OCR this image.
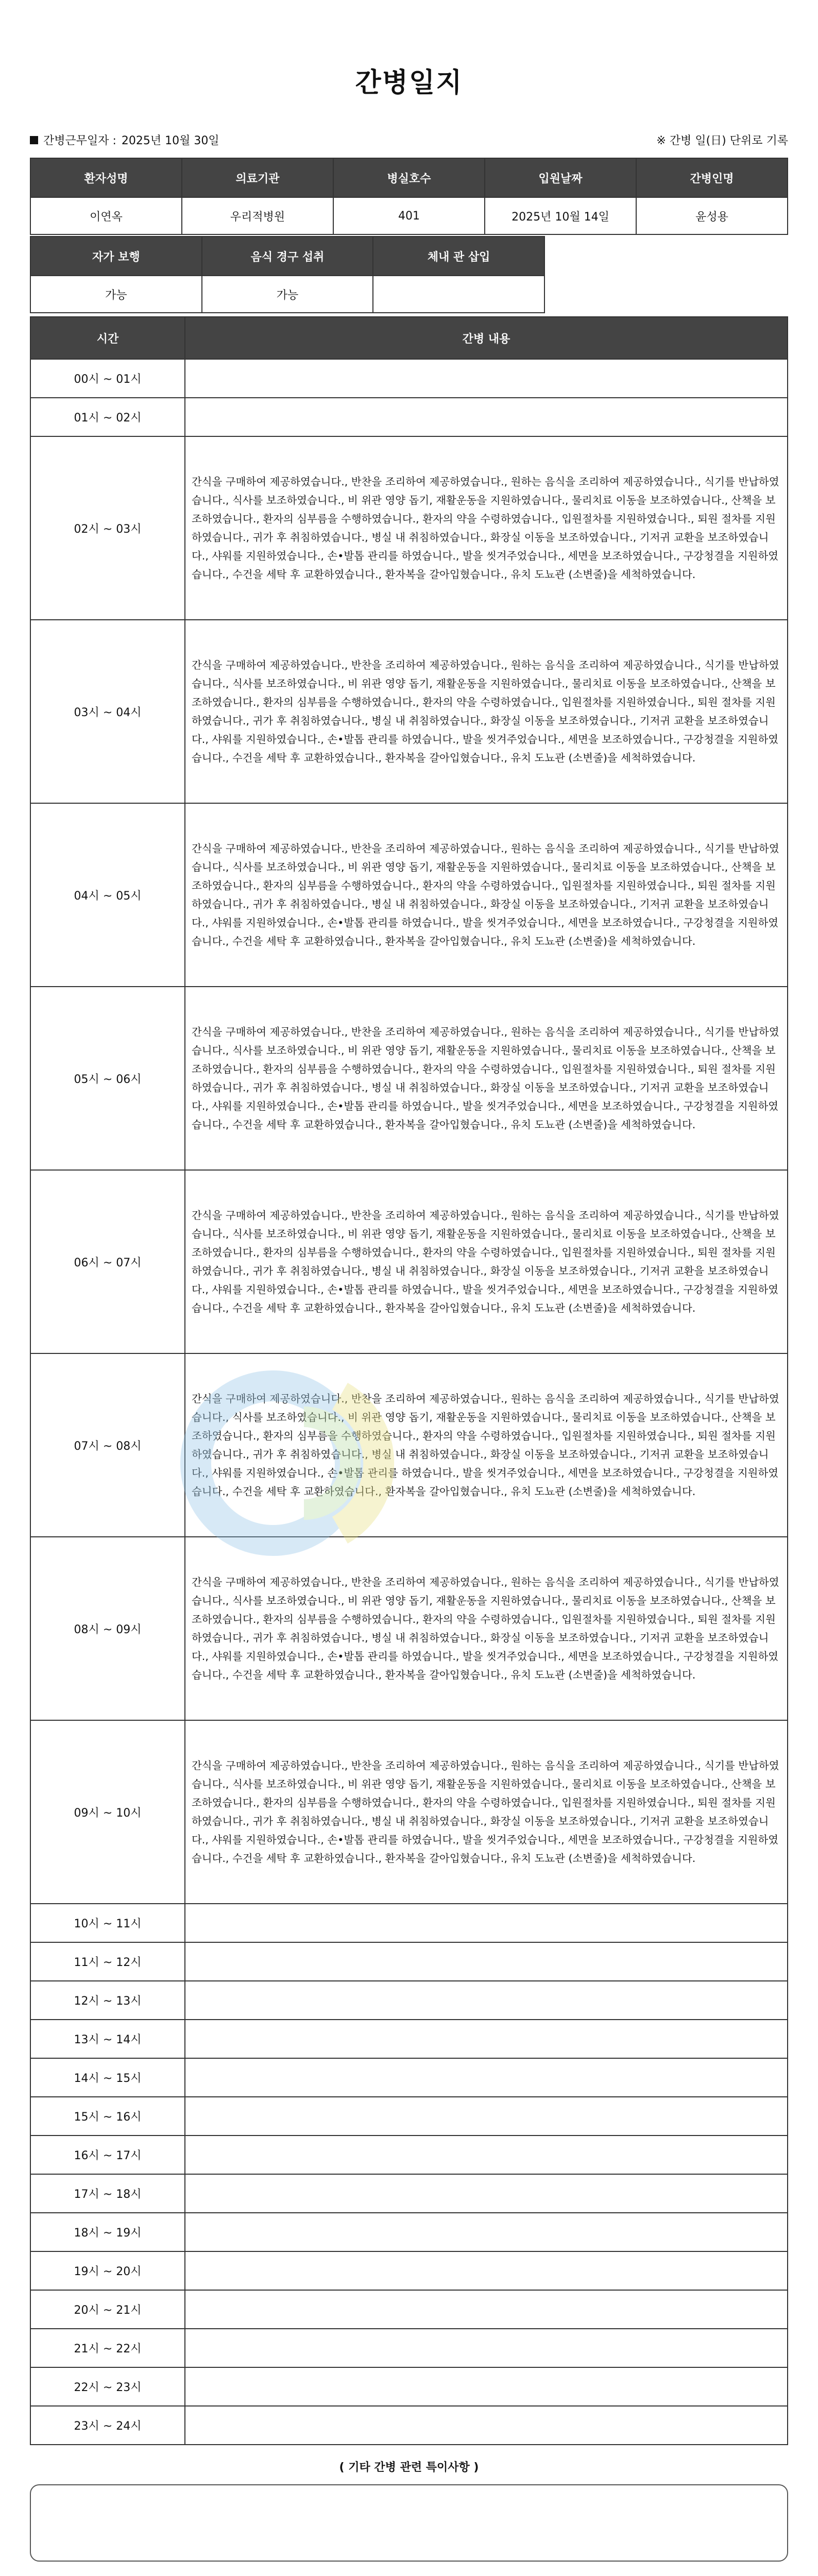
간병일지
간병근무일자 : 2025년 10월 30일	※ 간병 일(日) 단위로 기록
환자성명	의료기관	병실호수	입원날짜	간병인명
이연옥	우리적병원	401	2025년 10월 14일	윤성용
자가 보행	음식 경구 섭취	체내 관 삽입
가능	가능	
시간	간병 내용
00시 ~ 01시	
01시 ~ 02시	
02시 ~ 03시	간식을 구매하여 제공하였습니다., 반찬을 조리하여 제공하였습니다., 원하는 음식을 조리하여 제공하였습니다., 식기를 반납하였습니다., 식사를 보조하였습니다., 비 위관 영양 돕기, 재활운동을 지원하였습니다., 물리치료 이동을 보조하였습니다., 산책을 보조하였습니다., 환자의 심부름을 수행하였습니다., 환자의 약을 수령하였습니다., 입원절차를 지원하였습니다., 퇴원 절차를 지원하였습니다., 귀가 후 취침하였습니다., 병실 내 취침하였습니다., 화장실 이동을 보조하였습니다., 기저귀 교환을 보조하였습니다., 샤워를 지원하였습니다., 손•발톱 관리를 하였습니다., 발을 씻겨주었습니다., 세면을 보조하였습니다., 구강청결을 지원하였습니다., 수건을 세탁 후 교환하였습니다., 환자복을 갈아입혔습니다., 유치 도뇨관 (소변줄)을 세척하였습니다.
03시 ~ 04시	간식을 구매하여 제공하였습니다., 반찬을 조리하여 제공하였습니다., 원하는 음식을 조리하여 제공하였습니다., 식기를 반납하였습니다., 식사를 보조하였습니다., 비 위관 영양 돕기, 재활운동을 지원하였습니다., 물리치료 이동을 보조하였습니다., 산책을 보조하였습니다., 환자의 심부름을 수행하였습니다., 환자의 약을 수령하였습니다., 입원절차를 지원하였습니다., 퇴원 절차를 지원하였습니다., 귀가 후 취침하였습니다., 병실 내 취침하였습니다., 화장실 이동을 보조하였습니다., 기저귀 교환을 보조하였습니다., 샤워를 지원하였습니다., 손•발톱 관리를 하였습니다., 발을 씻겨주었습니다., 세면을 보조하였습니다., 구강청결을 지원하였습니다., 수건을 세탁 후 교환하였습니다., 환자복을 갈아입혔습니다., 유치 도뇨관 (소변줄)을 세척하였습니다.
04시 ~ 05시	간식을 구매하여 제공하였습니다., 반찬을 조리하여 제공하였습니다., 원하는 음식을 조리하여 제공하였습니다., 식기를 반납하였습니다., 식사를 보조하였습니다., 비 위관 영양 돕기, 재활운동을 지원하였습니다., 물리치료 이동을 보조하였습니다., 산책을 보조하였습니다., 환자의 심부름을 수행하였습니다., 환자의 약을 수령하였습니다., 입원절차를 지원하였습니다., 퇴원 절차를 지원하였습니다., 귀가 후 취침하였습니다., 병실 내 취침하였습니다., 화장실 이동을 보조하였습니다., 기저귀 교환을 보조하였습니다., 샤워를 지원하였습니다., 손•발톱 관리를 하였습니다., 발을 씻겨주었습니다., 세면을 보조하였습니다., 구강청결을 지원하였습니다., 수건을 세탁 후 교환하였습니다., 환자복을 갈아입혔습니다., 유치 도뇨관 (소변줄)을 세척하였습니다.
05시 ~ 06시	간식을 구매하여 제공하였습니다., 반찬을 조리하여 제공하였습니다., 원하는 음식을 조리하여 제공하였습니다., 식기를 반납하였습니다., 식사를 보조하였습니다., 비 위관 영양 돕기, 재활운동을 지원하였습니다., 물리치료 이동을 보조하였습니다., 산책을 보조하였습니다., 환자의 심부름을 수행하였습니다., 환자의 약을 수령하였습니다., 입원절차를 지원하였습니다., 퇴원 절차를 지원하였습니다., 귀가 후 취침하였습니다., 병실 내 취침하였습니다., 화장실 이동을 보조하였습니다., 기저귀 교환을 보조하였습니다., 샤워를 지원하였습니다., 손•발톱 관리를 하였습니다., 발을 씻겨주었습니다., 세면을 보조하였습니다., 구강청결을 지원하였습니다., 수건을 세탁 후 교환하였습니다., 환자복을 갈아입혔습니다., 유치 도뇨관 (소변줄)을 세척하였습니다.
06시 ~ 07시	간식을 구매하여 제공하였습니다., 반찬을 조리하여 제공하였습니다., 원하는 음식을 조리하여 제공하였습니다., 식기를 반납하였습니다., 식사를 보조하였습니다., 비 위관 영양 돕기, 재활운동을 지원하였습니다., 물리치료 이동을 보조하였습니다., 산책을 보조하였습니다., 환자의 심부름을 수행하였습니다., 환자의 약을 수령하였습니다., 입원절차를 지원하였습니다., 퇴원 절차를 지원하였습니다., 귀가 후 취침하였습니다., 병실 내 취침하였습니다., 화장실 이동을 보조하였습니다., 기저귀 교환을 보조하였습니다., 샤워를 지원하였습니다., 손•발톱 관리를 하였습니다., 발을 씻겨주었습니다., 세면을 보조하였습니다., 구강청결을 지원하였습니다., 수건을 세탁 후 교환하였습니다., 환자복을 갈아입혔습니다., 유치 도뇨관 (소변줄)을 세척하였습니다.
07시 ~ 08시	간식을 구매하여 제공하였습니다., 반찬을 조리하여 제공하였습니다., 원하는 음식을 조리하여 제공하였습니다., 식기를 반납하였습니다., 식사를 보조하였습니다., 비 위관 영양 돕기, 재활운동을 지원하였습니다., 물리치료 이동을 보조하였습니다., 산책을 보조하였습니다., 환자의 심부름을 수행하였습니다., 환자의 약을 수령하였습니다., 입원절차를 지원하였습니다., 퇴원 절차를 지원하였습니다., 귀가 후 취침하였습니다., 병실 내 취침하였습니다., 화장실 이동을 보조하였습니다., 기저귀 교환을 보조하였습니다., 샤워를 지원하였습니다., 손•발톱 관리를 하였습니다., 발을 씻겨주었습니다., 세면을 보조하였습니다., 구강청결을 지원하였습니다., 수건을 세탁 후 교환하였습니다., 환자복을 갈아입혔습니다., 유치 도뇨관 (소변줄)을 세척하였습니다.
08시 ~ 09시	간식을 구매하여 제공하였습니다., 반찬을 조리하여 제공하였습니다., 원하는 음식을 조리하여 제공하였습니다., 식기를 반납하였습니다., 식사를 보조하였습니다., 비 위관 영양 돕기, 재활운동을 지원하였습니다., 물리치료 이동을 보조하였습니다., 산책을 보조하였습니다., 환자의 심부름을 수행하였습니다., 환자의 약을 수령하였습니다., 입원절차를 지원하였습니다., 퇴원 절차를 지원하였습니다., 귀가 후 취침하였습니다., 병실 내 취침하였습니다., 화장실 이동을 보조하였습니다., 기저귀 교환을 보조하였습니다., 샤워를 지원하였습니다., 손•발톱 관리를 하였습니다., 발을 씻겨주었습니다., 세면을 보조하였습니다., 구강청결을 지원하였습니다., 수건을 세탁 후 교환하였습니다., 환자복을 갈아입혔습니다., 유치 도뇨관 (소변줄)을 세척하였습니다.
09시 ~ 10시	간식을 구매하여 제공하였습니다., 반찬을 조리하여 제공하였습니다., 원하는 음식을 조리하여 제공하였습니다., 식기를 반납하였습니다., 식사를 보조하였습니다., 비 위관 영양 돕기, 재활운동을 지원하였습니다., 물리치료 이동을 보조하였습니다., 산책을 보조하였습니다., 환자의 심부름을 수행하였습니다., 환자의 약을 수령하였습니다., 입원절차를 지원하였습니다., 퇴원 절차를 지원하였습니다., 귀가 후 취침하였습니다., 병실 내 취침하였습니다., 화장실 이동을 보조하였습니다., 기저귀 교환을 보조하였습니다., 샤워를 지원하였습니다., 손•발톱 관리를 하였습니다., 발을 씻겨주었습니다., 세면을 보조하였습니다., 구강청결을 지원하였습니다., 수건을 세탁 후 교환하였습니다., 환자복을 갈아입혔습니다., 유치 도뇨관 (소변줄)을 세척하였습니다.
10시 ~ 11시	
11시 ~ 12시	
12시 ~ 13시	
13시 ~ 14시	
14시 ~ 15시	
15시 ~ 16시	
16시 ~ 17시	
17시 ~ 18시	
18시 ~ 19시	
19시 ~ 20시	
20시 ~ 21시	
21시 ~ 22시	
22시 ~ 23시	
23시 ~ 24시	
( 기타 간병 관련 특이사항 )
